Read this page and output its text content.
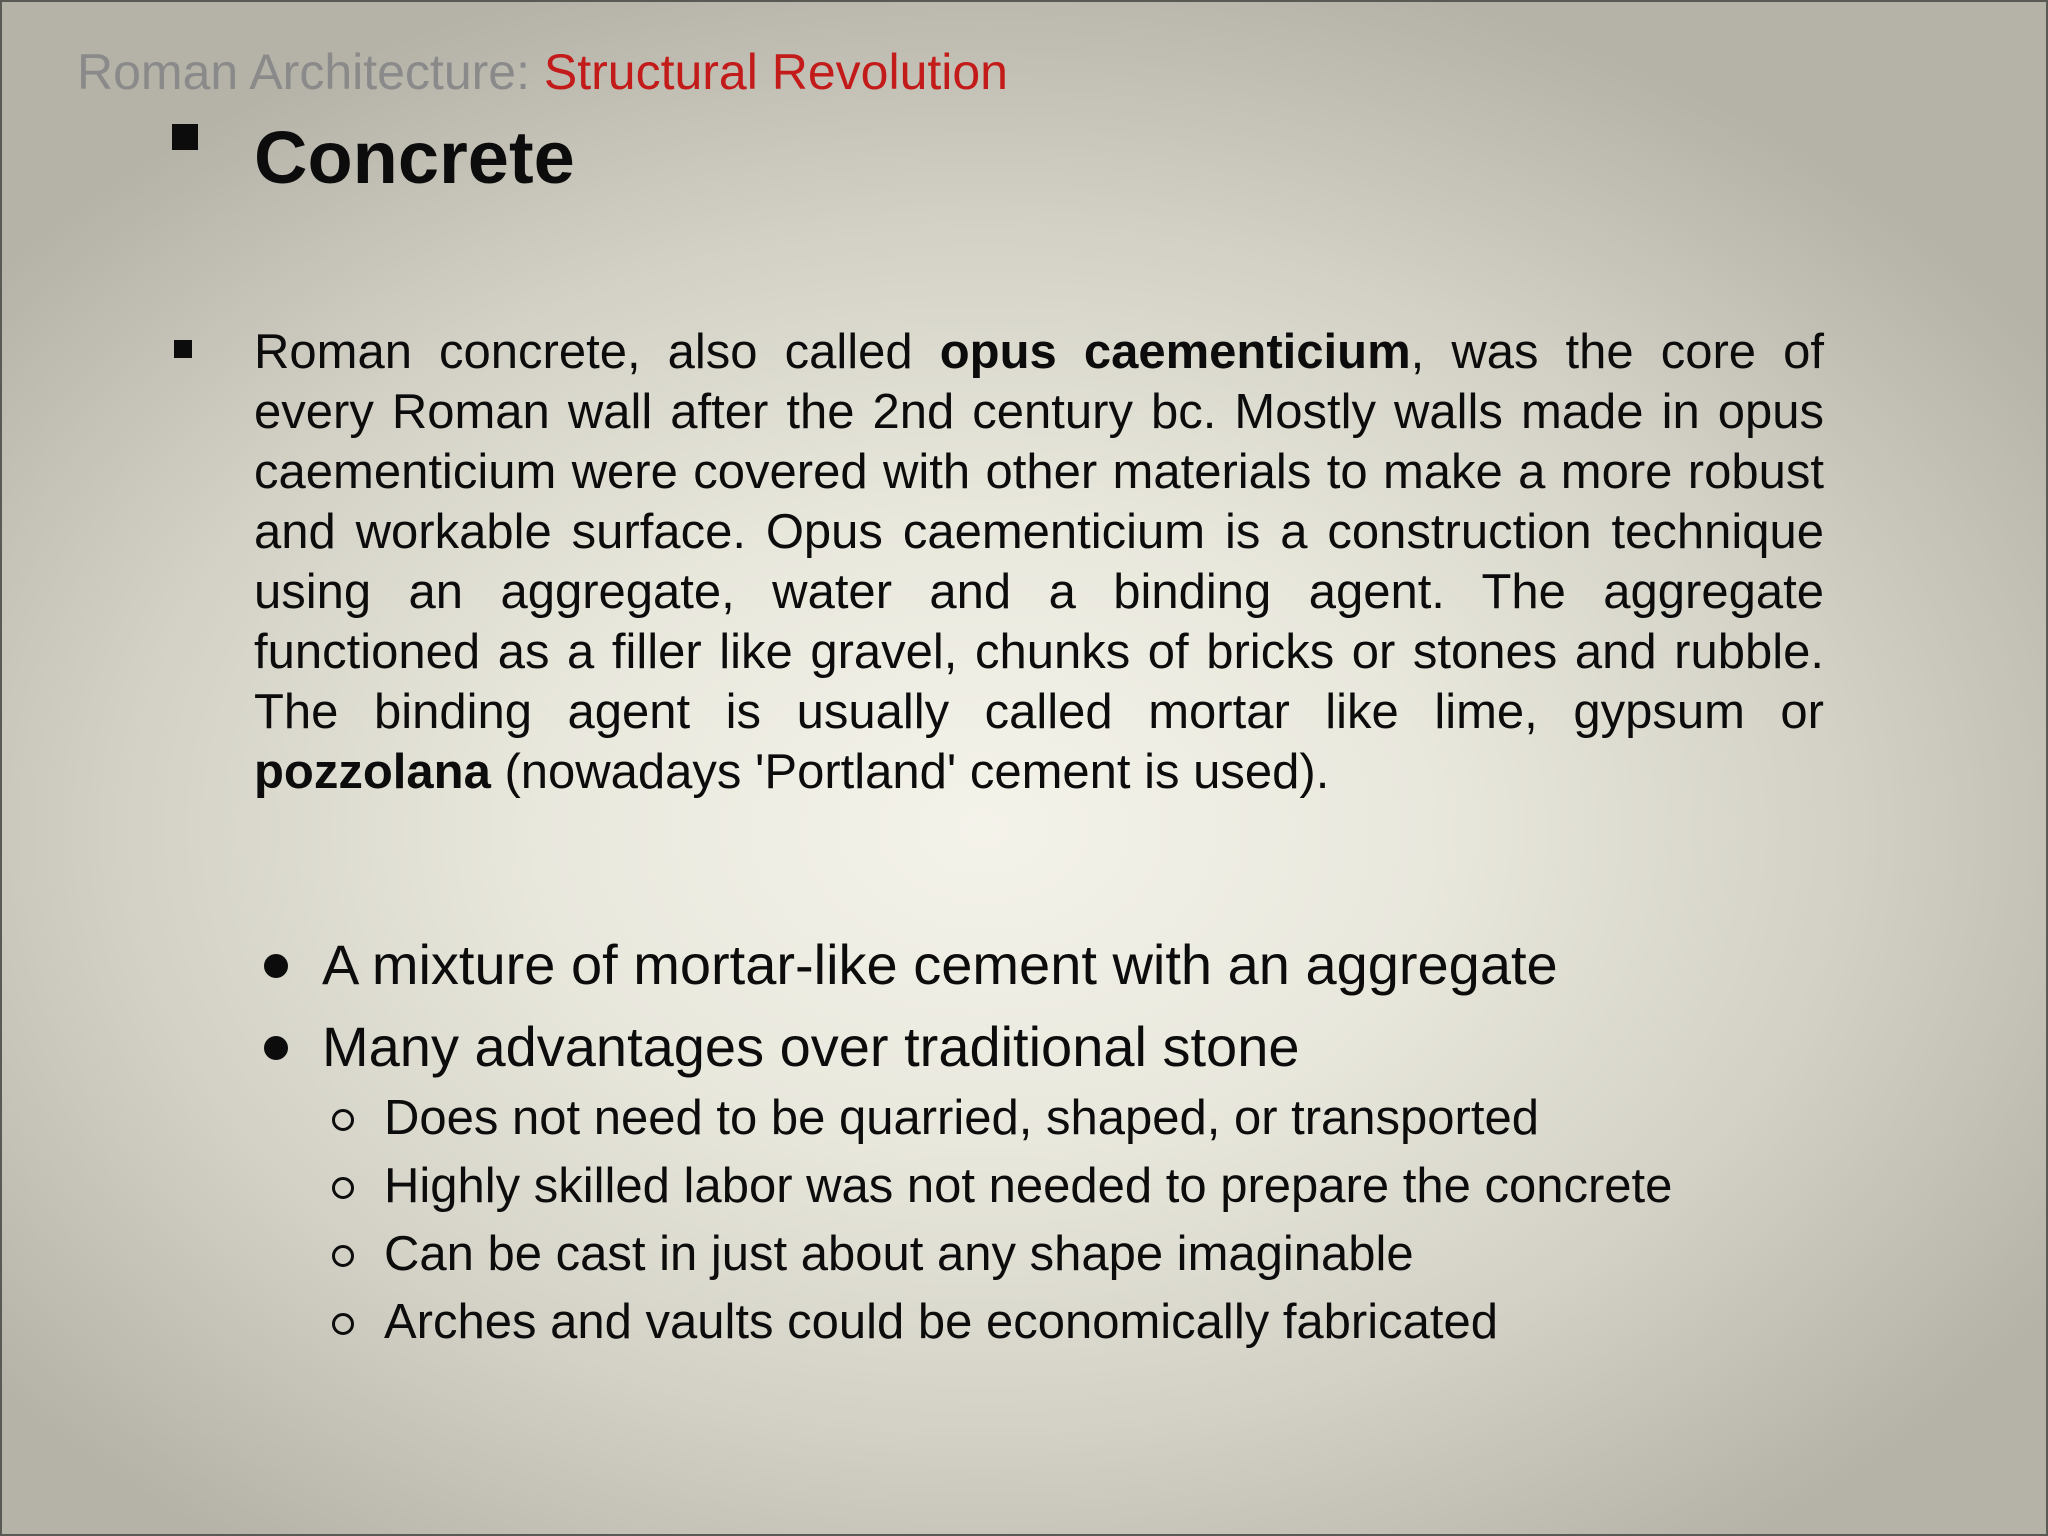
Roman Architecture: Structural Revolution
Concrete

Roman concrete, also called opus caementicium, was the core of every Roman wall after the 2nd century bc. Mostly walls made in opus caementicium were covered with other materials to make a more robust and workable surface. Opus caementicium is a construction technique using an aggregate, water and a binding agent. The aggregate functioned as a filler like gravel, chunks of bricks or stones and rubble. The binding agent is usually called mortar like lime, gypsum or pozzolana (nowadays 'Portland' cement is used).

A mixture of mortar-like cement with an aggregate
Many advantages over traditional stone
Does not need to be quarried, shaped, or transported
Highly skilled labor was not needed to prepare the concrete
Can be cast in just about any shape imaginable
Arches and vaults could be economically fabricated
